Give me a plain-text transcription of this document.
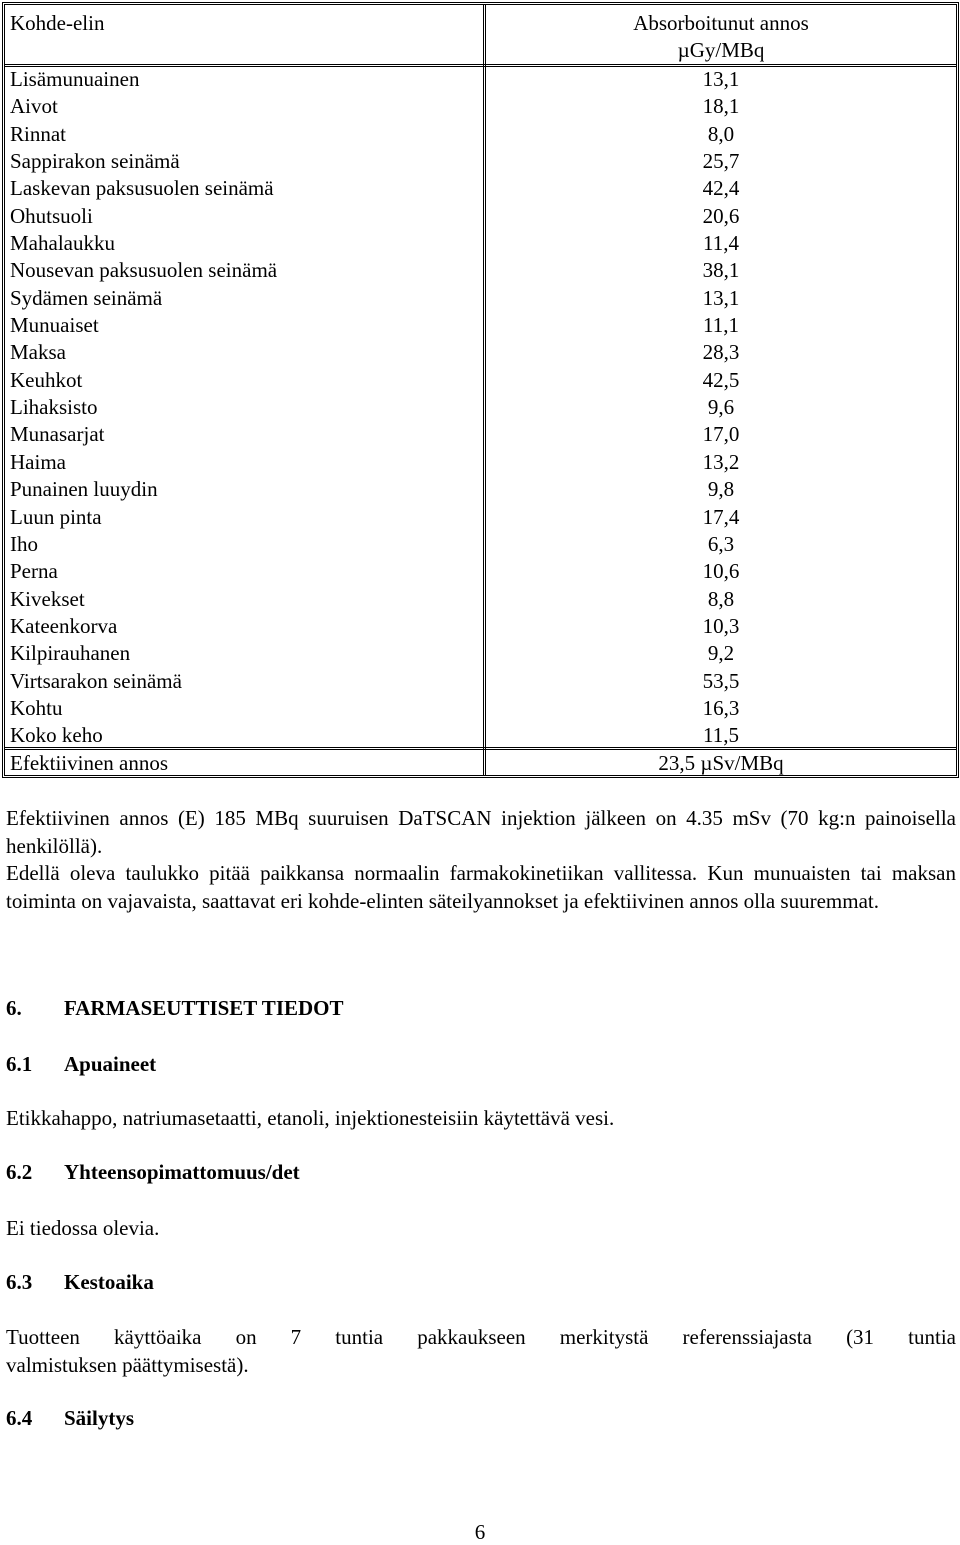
Kohde-elin	Absorboitunut annos
µGy/MBq
Lisämunuainen
Aivot
Rinnat
Sappirakon seinämä
Laskevan paksusuolen seinämä
Ohutsuoli
Mahalaukku
Nousevan paksusuolen seinämä
Sydämen seinämä
Munuaiset
Maksa
Keuhkot
Lihaksisto
Munasarjat
Haima
Punainen luuydin
Luun pinta
Iho
Perna
Kivekset
Kateenkorva
Kilpirauhanen
Virtsarakon seinämä
Kohtu
Koko keho
13,1
18,1
8,0
25,7
42,4
20,6
11,4
38,1
13,1
11,1
28,3
42,5
9,6
17,0
13,2
9,8
17,4
6,3
10,6
8,8
10,3
9,2
53,5
16,3
11,5
Efektiivinen annos	23,5 µSv/MBq
Efektiivinen annos (E) 185 MBq suuruisen DaTSCAN injektion jälkeen on 4.35 mSv (70 kg:n painoisella henkilöllä).
Edellä oleva taulukko pitää paikkansa normaalin farmakokinetiikan vallitessa. Kun munuaisten tai maksan toiminta on vajavaista, saattavat eri kohde-elinten säteilyannokset ja efektiivinen annos olla suuremmat.
6. FARMASEUTTISET TIEDOT
6.1 Apuaineet
Etikkahappo, natriumasetaatti, etanoli, injektionesteisiin käytettävä vesi.
6.2 Yhteensopimattomuus/det
Ei tiedossa olevia.
6.3 Kestoaika
Tuotteen käyttöaika on 7 tuntia pakkaukseen merkitystä referenssiajasta (31 tuntia
valmistuksen päättymisestä).
6.4 Säilytys
6
